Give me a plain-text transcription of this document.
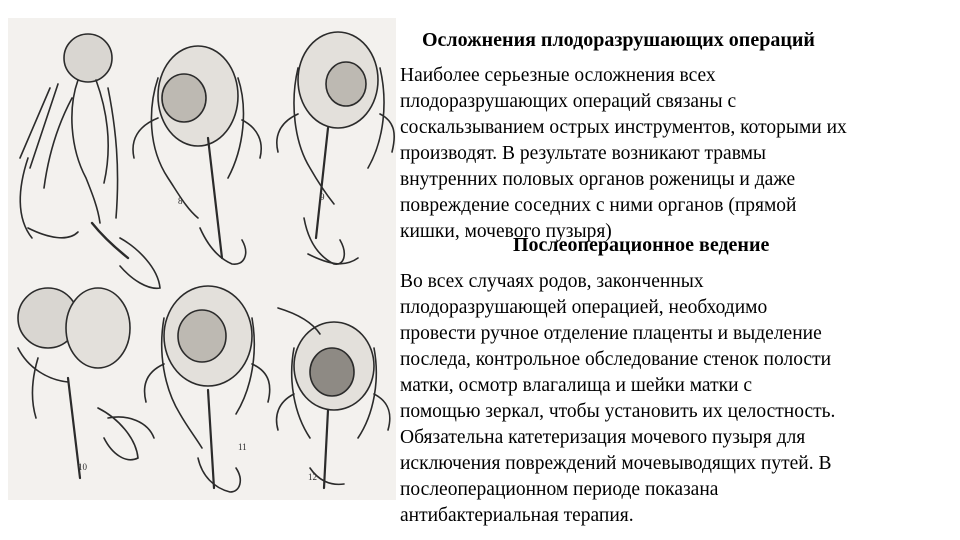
8	9
10
11
12
Осложнения плодоразрушающих операций
Наиболее серьезные осложнения всех
плодоразрушающих операций связаны с
соскальзыванием острых инструментов, которыми их
производят. В результате возникают травмы
внутренних половых органов роженицы и даже
повреждение соседних с ними органов (прямой
кишки, мочевого пузыря)
Послеоперационное ведение
Во всех случаях родов, законченных
плодоразрушающей операцией, необходимо
провести ручное отделение плаценты и выделение
последа, контрольное обследование стенок полости
матки, осмотр влагалища и шейки матки с
помощью зеркал, чтобы установить их целостность.
Обязательна катетеризация мочевого пузыря для
исключения повреждений мочевыводящих путей. В
послеоперационном периоде показана
антибактериальная терапия.
